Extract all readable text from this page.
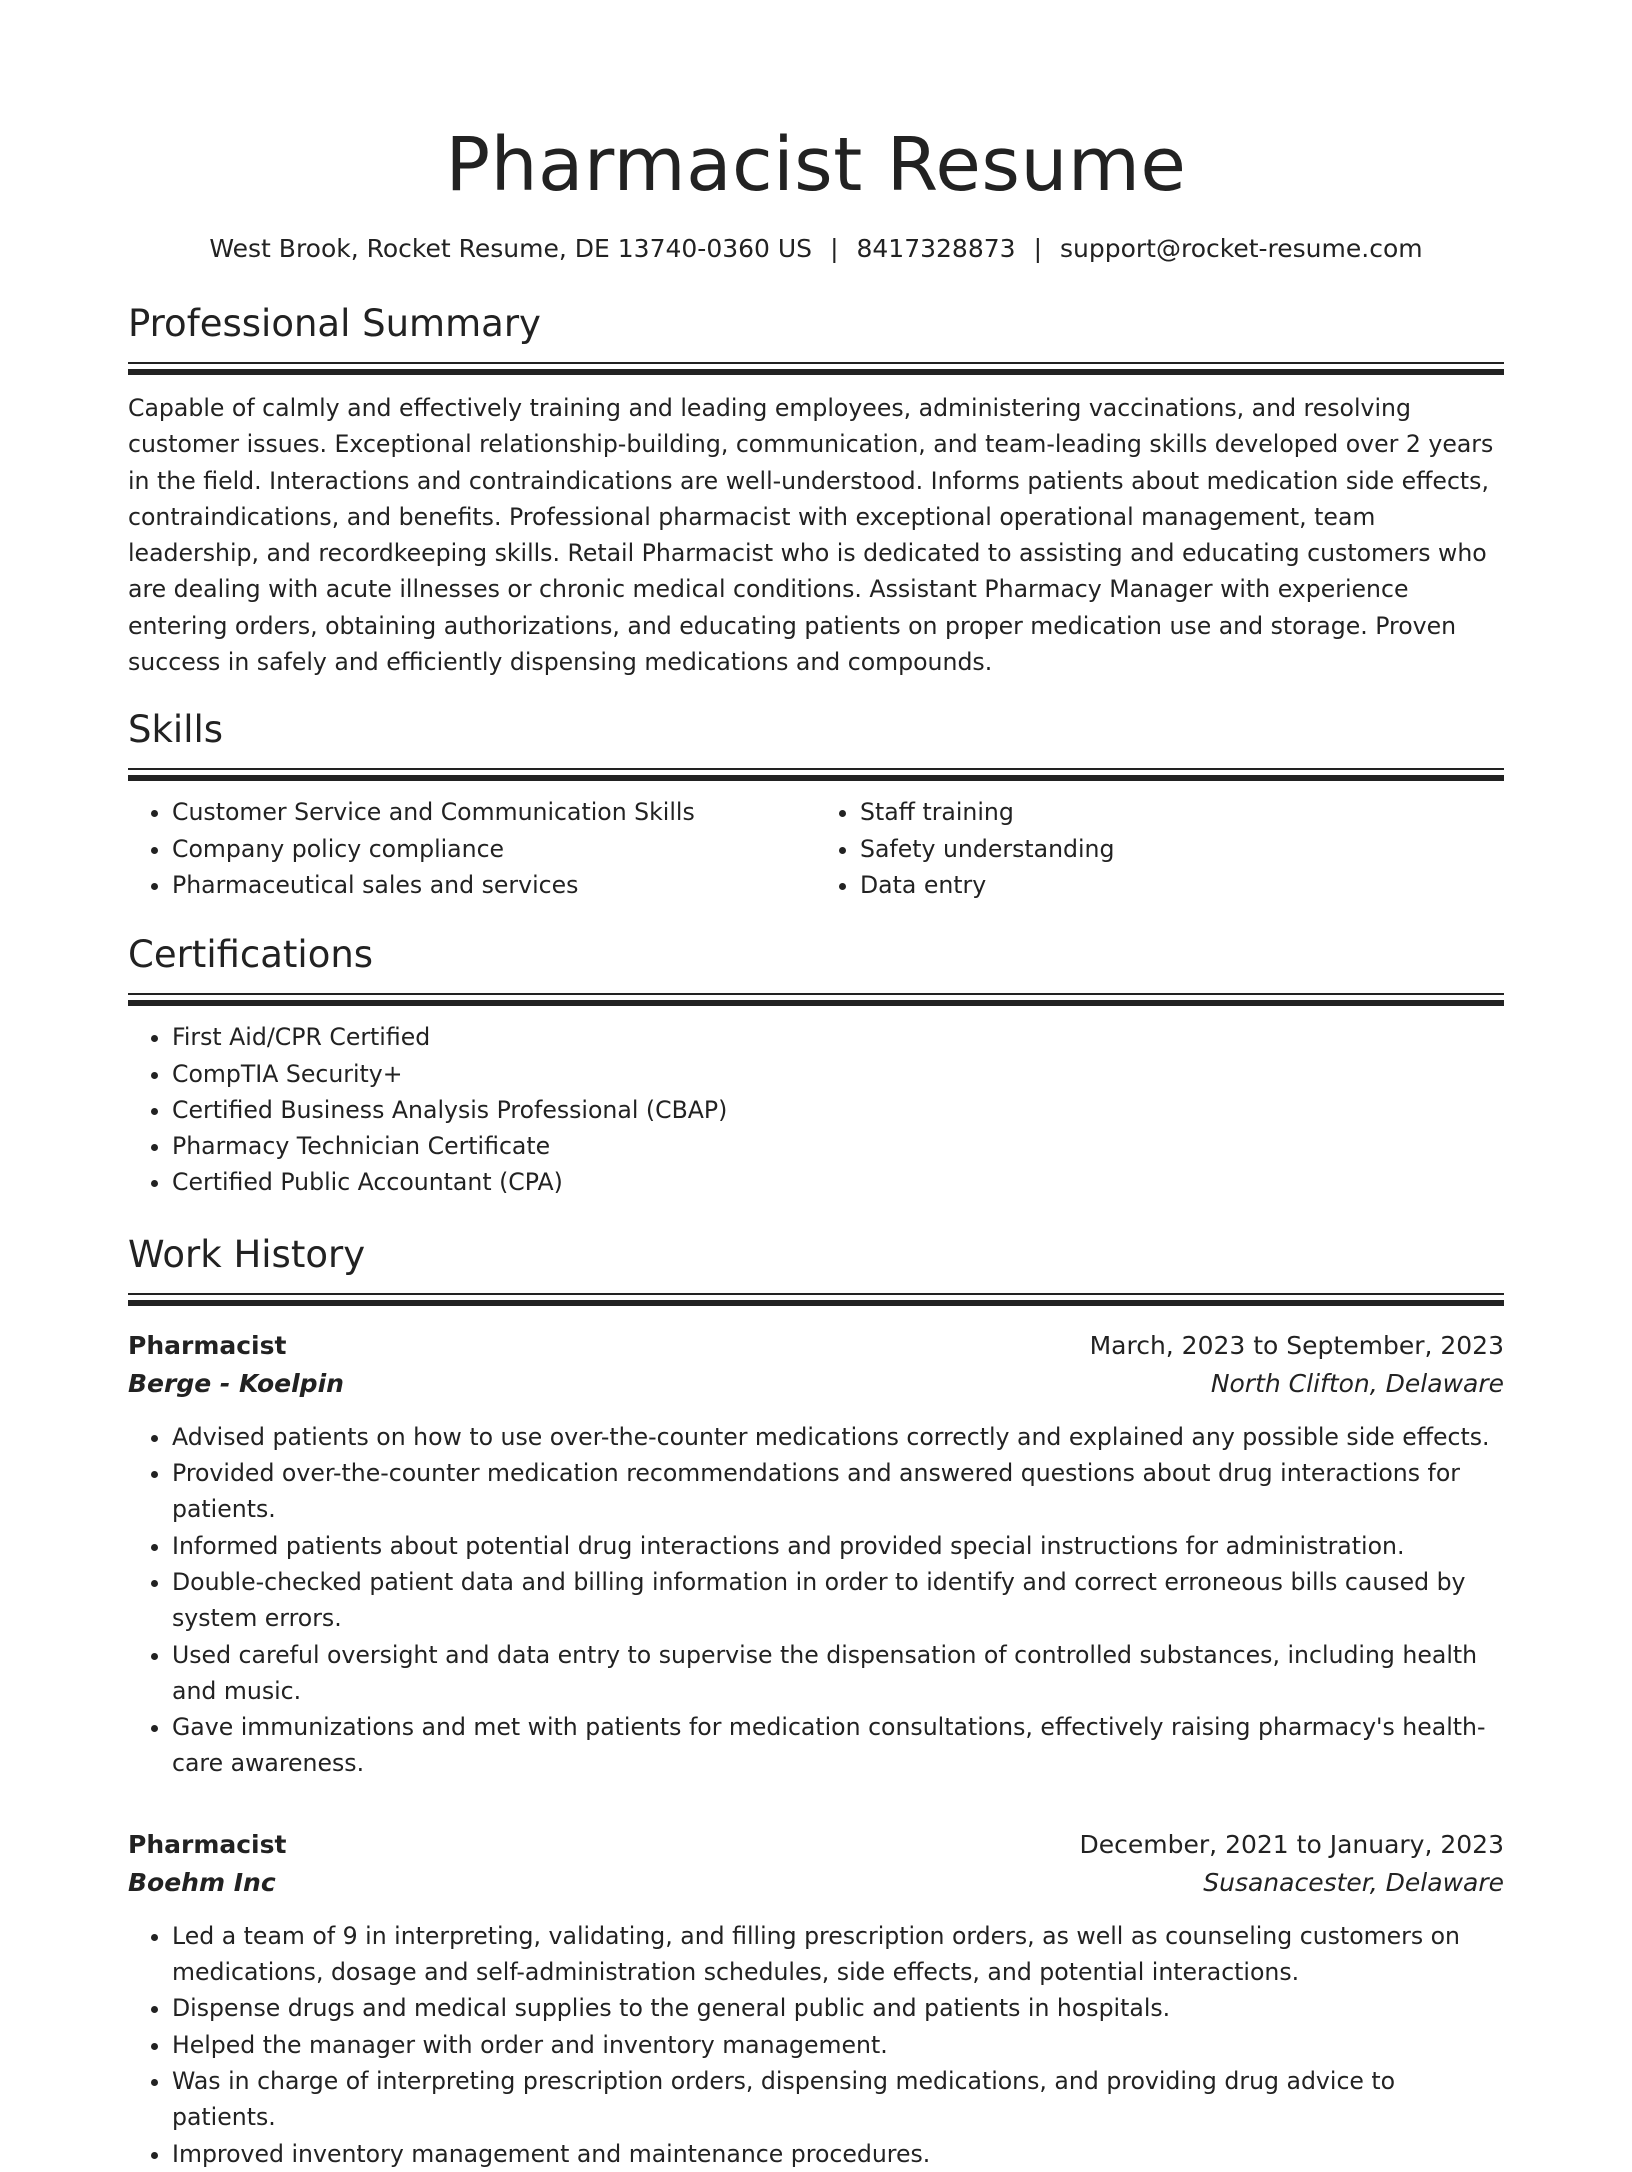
Pharmacist Resume
West Brook, Rocket Resume, DE 13740-0360 US | 8417328873 | support@rocket-resume.com
Professional Summary

Capable of calmly and effectively training and leading employees, administering vaccinations, and resolving customer issues. Exceptional relationship-building, communication, and team-leading skills developed over 2 years in the field. Interactions and contraindications are well-understood. Informs patients about medication side effects, contraindications, and benefits. Professional pharmacist with exceptional operational management, team leadership, and recordkeeping skills. Retail Pharmacist who is dedicated to assisting and educating customers who are dealing with acute illnesses or chronic medical conditions. Assistant Pharmacy Manager with experience entering orders, obtaining authorizations, and educating patients on proper medication use and storage. Proven success in safely and efficiently dispensing medications and compounds.

Skills
• Customer Service and Communication Skills
• Company policy compliance
• Pharmaceutical sales and services
• Staff training
• Safety understanding
• Data entry
Certifications
• First Aid/CPR Certified
• CompTIA Security+
• Certified Business Analysis Professional (CBAP)
• Pharmacy Technician Certificate
• Certified Public Accountant (CPA)
Work History
Pharmacist	March, 2023 to September, 2023
Berge - Koelpin	North Clifton, Delaware
• Advised patients on how to use over-the-counter medications correctly and explained any possible side effects.
• Provided over-the-counter medication recommendations and answered questions about drug interactions for patients.
• Informed patients about potential drug interactions and provided special instructions for administration.
• Double-checked patient data and billing information in order to identify and correct erroneous bills caused by system errors.
• Used careful oversight and data entry to supervise the dispensation of controlled substances, including health and music.
• Gave immunizations and met with patients for medication consultations, effectively raising pharmacy's health-care awareness.
Pharmacist	December, 2021 to January, 2023
Boehm Inc	Susanacester, Delaware
• Led a team of 9 in interpreting, validating, and filling prescription orders, as well as counseling customers on medications, dosage and self-administration schedules, side effects, and potential interactions.
• Dispense drugs and medical supplies to the general public and patients in hospitals.
• Helped the manager with order and inventory management.
• Was in charge of interpreting prescription orders, dispensing medications, and providing drug advice to patients.
• Improved inventory management and maintenance procedures.
